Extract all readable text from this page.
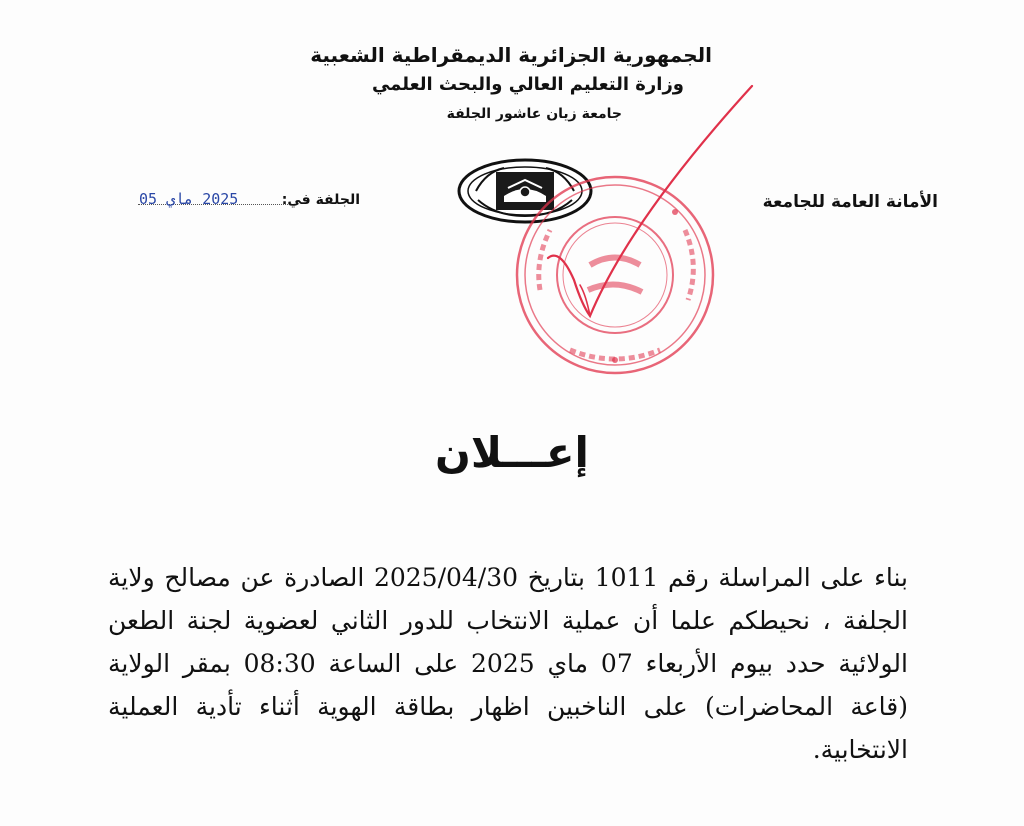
الجمهورية الجزائرية الديمقراطية الشعبية

وزارة التعليم العالي والبحث العلمي

جامعة زيان عاشور الجلفة

الأمانة العامة للجامعة
الجلفة في:
2025 ماي 05
إعـــلان

بناء على المراسلة رقم 1011 بتاريخ 2025/04/30 الصادرة عن مصالح ولاية الجلفة ، نحيطكم علما أن عملية الانتخاب للدور الثاني لعضوية لجنة الطعن الولائية حدد بيوم الأربعاء 07 ماي 2025 على الساعة 08:30 بمقر الولاية (قاعة المحاضرات) على الناخبين اظهار بطاقة الهوية أثناء تأدية العملية الانتخابية.
